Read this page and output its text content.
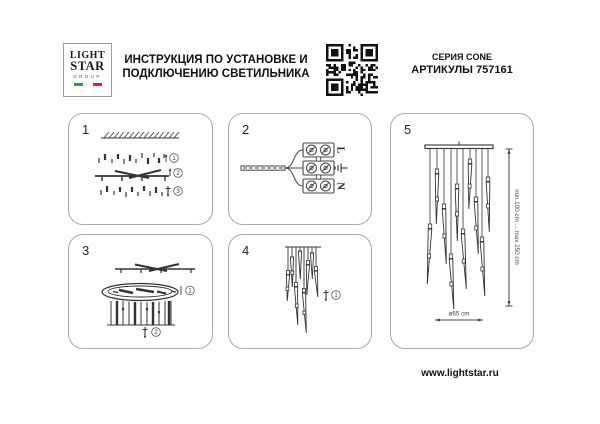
LIGHT
STAR
GROUP
ИНСТРУКЦИЯ ПО УСТАНОВКЕ И
ПОДКЛЮЧЕНИЮ СВЕТИЛЬНИКА
СЕРИЯ CONE
АРТИКУЛЫ 757161
1
2
3
1
L
N
2
1
2
3
1
4	min 100 cm ... max 250 cm
ø65 cm
5
www.lightstar.ru
